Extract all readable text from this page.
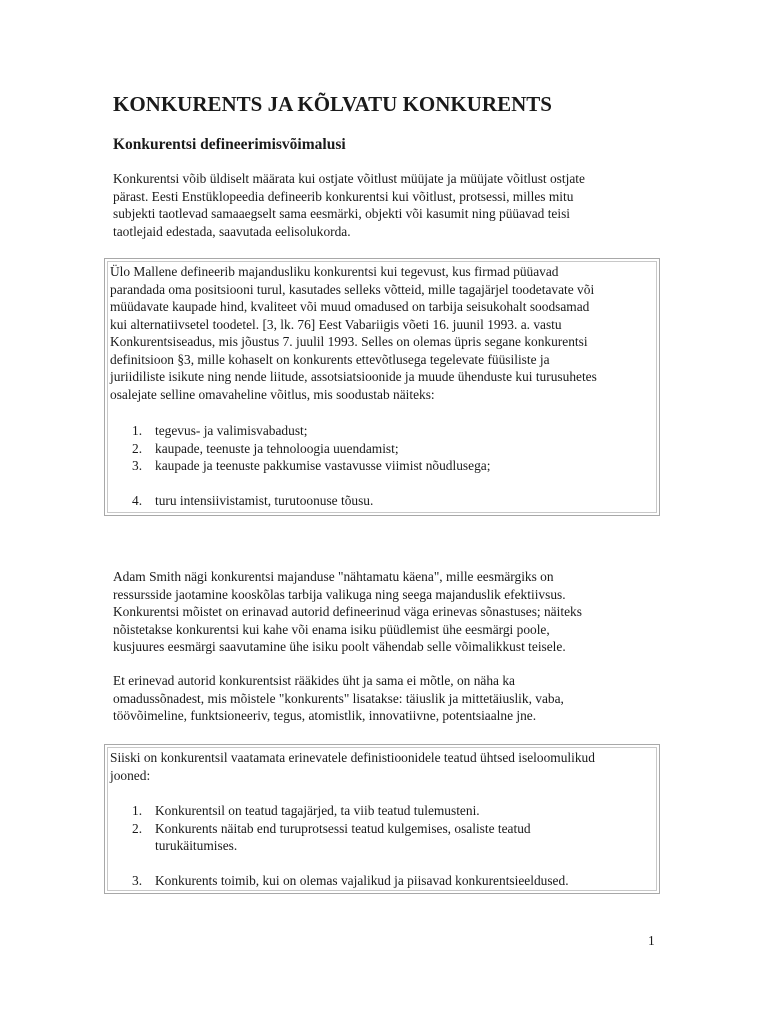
KONKURENTS JA KÕLVATU KONKURENTS
Konkurentsi defineerimisvõimalusi

Konkurentsi võib üldiselt määrata kui ostjate võitlust müüjate ja müüjate võitlust ostjate
pärast. Eesti Enstüklopeedia defineerib konkurentsi kui võitlust, protsessi, milles mitu
subjekti taotlevad samaaegselt sama eesmärki, objekti või kasumit ning püüavad teisi
taotlejaid edestada, saavutada eelisolukorda.

Ülo Mallene defineerib majandusliku konkurentsi kui tegevust, kus firmad püüavad
parandada oma positsiooni turul, kasutades selleks võtteid, mille tagajärjel toodetavate või
müüdavate kaupade hind, kvaliteet või muud omadused on tarbija seisukohalt soodsamad
kui alternatiivsetel toodetel. [3, lk. 76] Eest Vabariigis võeti 16. juunil 1993. a. vastu
Konkurentsiseadus, mis jõustus 7. juulil 1993. Selles on olemas üpris segane konkurentsi
definitsioon §3, mille kohaselt on konkurents ettevõtlusega tegelevate füüsiliste ja
juriidiliste isikute ning nende liitude, assotsiatsioonide ja muude ühenduste kui turusuhetes
osalejate selline omavaheline võitlus, mis soodustab näiteks:

1. tegevus- ja valimisvabadust;
2. kaupade, teenuste ja tehnoloogia uuendamist;
3. kaupade ja teenuste pakkumise vastavusse viimist nõudlusega;
4. turu intensiivistamist, turutoonuse tõusu.

Adam Smith nägi konkurentsi majanduse "nähtamatu käena", mille eesmärgiks on
ressursside jaotamine kooskõlas tarbija valikuga ning seega majanduslik efektiivsus.
Konkurentsi mõistet on erinavad autorid defineerinud väga erinevas sõnastuses; näiteks
nõistetakse konkurentsi kui kahe või enama isiku püüdlemist ühe eesmärgi poole,
kusjuures eesmärgi saavutamine ühe isiku poolt vähendab selle võimalikkust teisele.

Et erinevad autorid konkurentsist rääkides üht ja sama ei mõtle, on näha ka
omadussõnadest, mis mõistele "konkurents" lisatakse: täiuslik ja mittetäiuslik, vaba,
töövõimeline, funktsioneeriv, tegus, atomistlik, innovatiivne, potentsiaalne jne.

Siiski on konkurentsil vaatamata erinevatele definistioonidele teatud ühtsed iseloomulikud
jooned:

1. Konkurentsil on teatud tagajärjed, ta viib teatud tulemusteni.
2. Konkurents näitab end turuprotsessi teatud kulgemises, osaliste teatud
turukäitumises.
3. Konkurents toimib, kui on olemas vajalikud ja piisavad konkurentsieeldused.
1
